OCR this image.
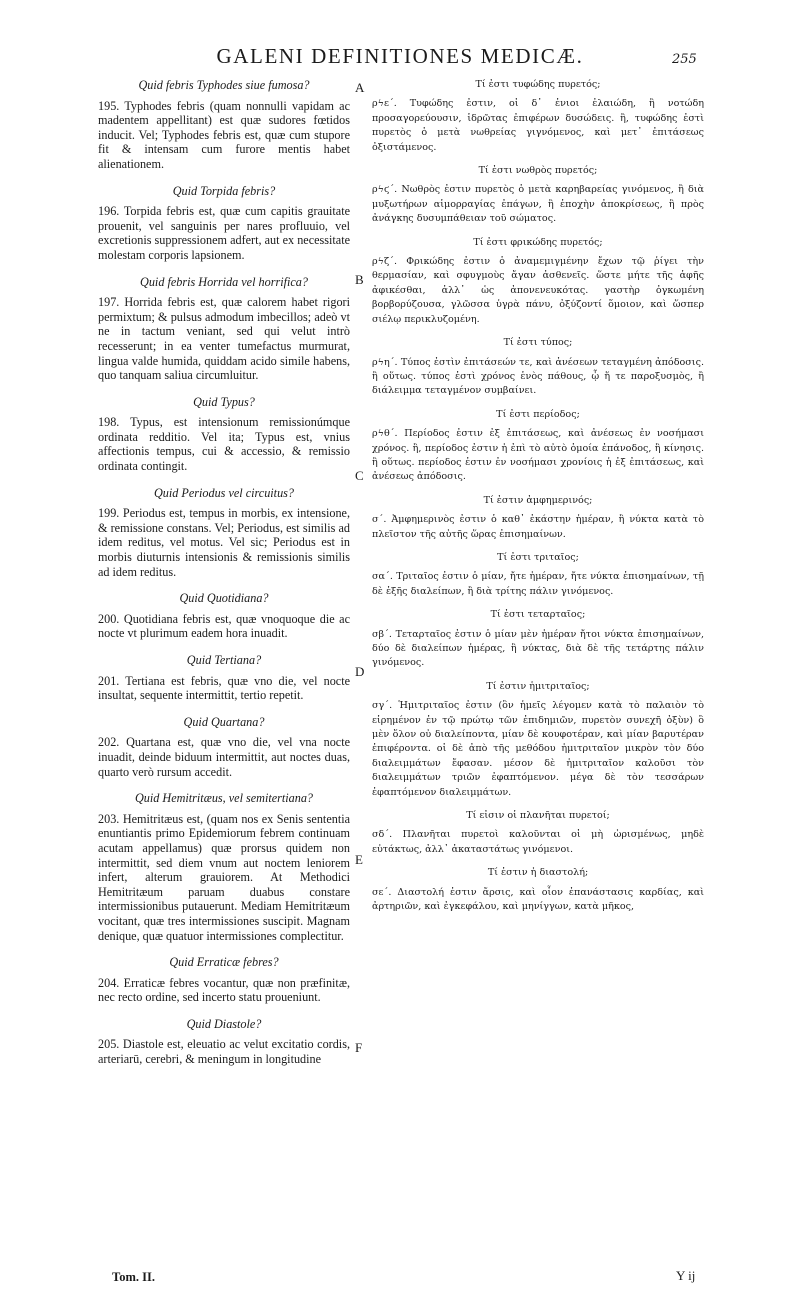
GALENI DEFINITIONES MEDICÆ.	255
A
B
C
D
E
F
Quid febris Typhodes siue fumosa?
195. Typhodes febris (quam nonnulli vapidam ac madentem appellitant) est quæ sudores fœtidos inducit. Vel; Typhodes febris est, quæ cum stupore fit & intensam cum furore mentis habet alienationem.
Quid Torpida febris?
196. Torpida febris est, quæ cum capitis grauitate prouenit, vel sanguinis per nares profluuio, vel excretionis suppressionem adfert, aut ex necessitate molestam corporis lapsionem.
Quid febris Horrida vel horrifica?
197. Horrida febris est, quæ calorem habet rigori permixtum; & pulsus admodum imbecillos; adeò vt ne in tactum veniant, sed qui velut intrò recesserunt; in ea venter tumefactus murmurat, lingua valde humida, quiddam acido simile habens, quo tanquam saliua circumluitur.
Quid Typus?
198. Typus, est intensionum remissionúmque ordinata redditio. Vel ita; Typus est, vnius affectionis tempus, cui & accessio, & remissio ordinata contingit.
Quid Periodus vel circuitus?
199. Periodus est, tempus in morbis, ex intensione, & remissione constans. Vel; Periodus, est similis ad idem reditus, vel motus. Vel sic; Periodus est in morbis diuturnis intensionis & remissionis similis ad idem reditus.
Quid Quotidiana?
200. Quotidiana febris est, quæ vnoquoque die ac nocte vt plurimum eadem hora inuadit.
Quid Tertiana?
201. Tertiana est febris, quæ vno die, vel nocte insultat, sequente intermittit, tertio repetit.
Quid Quartana?
202. Quartana est, quæ vno die, vel vna nocte inuadit, deinde biduum intermittit, aut noctes duas, quarto verò rursum accedit.
Quid Hemitritæus, vel semitertiana?
203. Hemitritæus est, (quam nos ex Senis sententia enuntiantis primo Epidemiorum febrem continuam acutam appellamus) quæ prorsus quidem non intermittit, sed diem vnum aut noctem leniorem infert, alterum grauiorem. At Methodici Hemitritæum paruam duabus constare intermissionibus putauerunt. Mediam Hemitritæum vocitant, quæ tres intermissiones suscipit. Magnam denique, quæ quatuor intermissiones complectitur.
Quid Erraticæ febres?
204. Erraticæ febres vocantur, quæ non præfinitæ, nec recto ordine, sed incerto statu proueniunt.
Quid Diastole?
205. Diastole est, eleuatio ac velut excitatio cordis, arteriarū, cerebri, & meningum in longitudine
Τί ἐστι τυφώδης πυρετός;
ρϟε΄. Τυφώδης ἐστιν, οἱ δ᾿ ἐνιοι ἐλαιώδη, ἢ νοτώδη προσαγορεύουσιν, ἱδρῶτας ἐπιφέρων δυσώδεις. ἢ, τυφώδης ἐστὶ πυρετὸς ὁ μετὰ νωθρείας γιγνόμενος, καὶ μετ᾿ ἐπιτάσεως ὀξιστάμενος.
Τί ἐστι νωθρὸς πυρετός;
ρϟϛ΄. Νωθρὸς ἐστιν πυρετὸς ὁ μετὰ καρηβαρείας γινόμενος, ἢ διὰ μυξωτήρων αἱμορραγίας ἐπάγων, ἢ ἐποχὴν ἀποκρίσεως, ἢ πρὸς ἀνάγκης δυσυμπάθειαν τοῦ σώματος.
Τί ἐστι φρικώδης πυρετός;
ρϟζ΄. Φρικώδης ἐστιν ὁ ἀναμεμιγμένην ἔχων τῷ ῥίγει τὴν θερμασίαν, καὶ σφυγμοὺς ἄγαν ἀσθενεῖς. ὥστε μήτε τῆς ἁφῆς ἀφικέσθαι, ἀλλ᾿ ὡς ἀπονενευκότας. γαστὴρ ὀγκωμένη βορβορύζουσα, γλῶσσα ὑγρὰ πάνυ, ὀξύζοντί ὅμοιον, καὶ ὥσπερ σιέλῳ περικλυζομένη.
Τί ἐστι τύπος;
ρϟη΄. Τύπος ἐστὶν ἐπιτάσεών τε, καὶ ἀνέσεων τεταγμένη ἀπόδοσις. ἢ οὕτως. τύπος ἐστὶ χρόνος ἑνὸς πάθους, ᾧ ἥ τε παροξυσμὸς, ἢ διάλειμμα τεταγμένον συμβαίνει.
Τί ἐστι περίοδος;
ρϟθ΄. Περίοδος ἐστιν ἐξ ἐπιτάσεως, καὶ ἀνέσεως ἐν νοσήμασι χρόνος. ἢ, περίοδος ἐστιν ἡ ἐπὶ τὸ αὐτὸ ὁμοία ἐπάνοδος, ἢ κίνησις. ἢ οὕτως. περίοδος ἐστιν ἐν νοσήμασι χρονίοις ἡ ἐξ ἐπιτάσεως, καὶ ἀνέσεως ἀπόδοσις.
Τί ἐστιν ἀμφημερινός;
σ΄. Ἀμφημερινὸς ἐστιν ὁ καθ᾿ ἑκάστην ἡμέραν, ἢ νύκτα κατὰ τὸ πλεῖστον τῆς αὐτῆς ὥρας ἐπισημαίνων.
Τί ἐστι τριταῖος;
σα΄. Τριταῖος ἐστιν ὁ μίαν, ἤτε ἡμέραν, ἤτε νύκτα ἐπισημαίνων, τῇ δὲ ἑξῆς διαλείπων, ἢ διὰ τρίτης πάλιν γινόμενος.
Τί ἐστι τεταρταῖος;
σβ΄. Τεταρταῖος ἐστιν ὁ μίαν μὲν ἡμέραν ἤτοι νύκτα ἐπισημαίνων, δύο δὲ διαλείπων ἡμέρας, ἢ νύκτας, διὰ δὲ τῆς τετάρτης πάλιν γινόμενος.
Τί ἐστιν ἡμιτριταῖος;
σγ΄. Ἡμιτριταῖος ἐστιν (ὃν ἡμεῖς λέγομεν κατὰ τὸ παλαιὸν τὸ εἰρημένον ἐν τῷ πρώτῳ τῶν ἐπιδημιῶν, πυρετὸν συνεχῆ ὀξὺν) ὃ μὲν ὅλον οὐ διαλείποντα, μίαν δὲ κουφοτέραν, καὶ μίαν βαρυτέραν ἐπιφέροντα. οἱ δὲ ἀπὸ τῆς μεθόδου ἡμιτριταῖον μικρὸν τὸν δύο διαλειμμάτων ἔφασαν. μέσον δὲ ἡμιτριταῖον καλοῦσι τὸν διαλειμμάτων τριῶν ἐφαπτόμενον. μέγα δὲ τὸν τεσσάρων ἐφαπτόμενον διαλειμμάτων.
Τί εἰσιν οἱ πλανῆται πυρετοί;
σδ΄. Πλανῆται πυρετοὶ καλοῦνται οἱ μὴ ὡρισμένως, μηδὲ εὐτάκτως, ἀλλ᾿ ἀκαταστάτως γινόμενοι.
Τί ἐστιν ἡ διαστολή;
σε΄. Διαστολή ἐστιν ἄρσις, καὶ οἷον ἐπανάστασις καρδίας, καὶ ἀρτηριῶν, καὶ ἐγκεφάλου, καὶ μηνίγγων, κατὰ μῆκος,
Tom. II.	Y ij
